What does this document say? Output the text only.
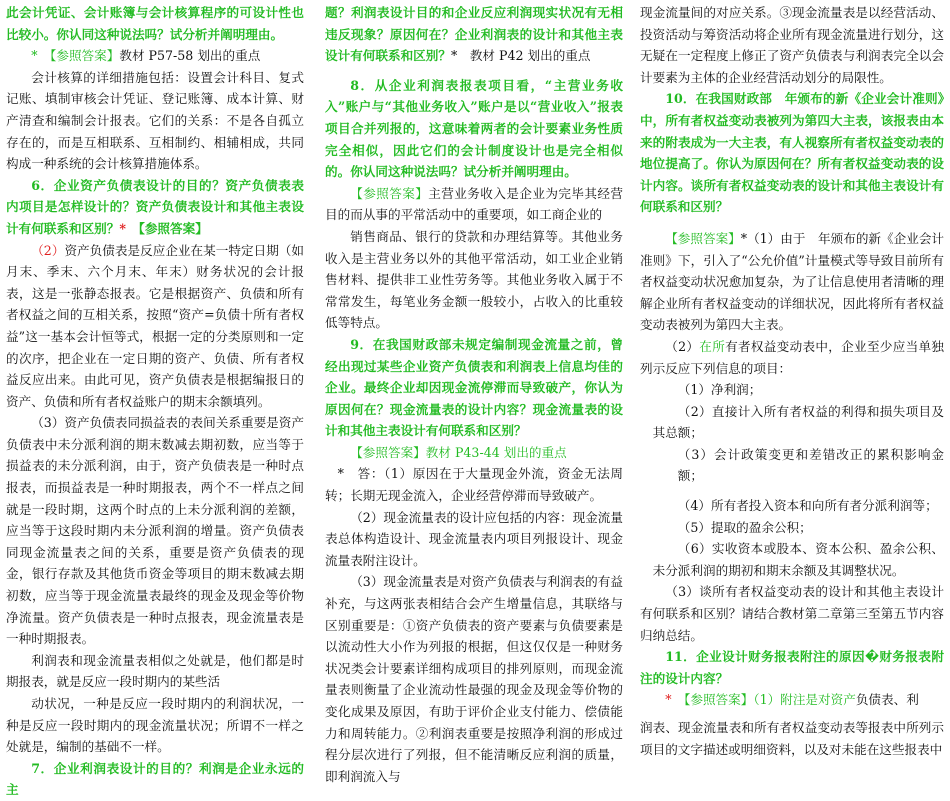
此会计凭证、会计账簿与会计核算程序的可设计性也比较小。你认同这种说法吗？试分析并阐明理由。

*　 【参照答案】教材 P57-58 划出的重点

会计核算的详细措施包括：设置会计科目、复式记账、填制审核会计凭证、登记账簿、成本计算、财产清查和编制会计报表。它们的关系：不是各自孤立存在的，而是互相联系、互相制约、相辅相成，共同构成一种系统的会计核算措施体系。

6．企业资产负债表设计的目的？资产负债表表内项目是怎样设计的？资产负债表设计和其他主表设计有何联系和区别？*　 【参照答案】

（2）资产负债表是反应企业在某一特定日期（如月末、季末、六个月末、年末）财务状况的会计报表，这是一张静态报表。它是根据资产、负债和所有者权益之间的互相关系，按照“资产=负债十所有者权益”这一基本会计恒等式，根据一定的分类原则和一定的次序，把企业在一定日期的资产、负债、所有者权益反应出来。由此可见，资产负债表是根据编报日的资产、负债和所有者权益账户的期末余额填列。

（3）资产负债表同损益表的表间关系重要是资产负债表中未分派利润的期末数减去期初数，应当等于损益表的未分派利润，由于，资产负债表是一种时点报表，而损益表是一种时期报表，两个不一样点之间就是一段时期，这两个时点的上未分派利润的差额，应当等于这段时期内未分派利润的增量。资产负债表同现金流量表之间的关系，重要是资产负债表的现金，银行存款及其他货币资金等项目的期末数减去期初数，应当等于现金流量表最终的现金及现金等价物净流量。资产负债表是一种时点报表，现金流量表是一种时期报表。

利润表和现金流量表相似之处就是，他们都是时期报表，就是反应一段时期内的某些活

动状况，一种是反应一段时期内的利润状况，一种是反应一段时期内的现金流量状况；所谓不一样之处就是，编制的基础不一样。

7．企业利润表设计的目的？利润是企业永远的主

题？利润表设计目的和企业反应利润现实状况有无相违反现象？原因何在？企业利润表的设计和其他主表设计有何联系和区别？*　 教材 P42 划出的重点

8．从企业利润表报表项目看，“主营业务收入”账户与“其他业务收入”账户是以“营业收入”报表项目合并列报的，这意味着两者的会计要素业务性质完全相似，因此它们的会计制度设计也是完全相似的。你认同这种说法吗？试分析并阐明理由。

【参照答案】主营业务收入是企业为完毕其经营目的而从事的平常活动中的重要项，如工商企业的

销售商品、银行的贷款和办理结算等。其他业务收入是主营业务以外的其他平常活动，如工业企业销售材料、提供非工业性劳务等。其他业务收入属于不常常发生，每笔业务金额一般较小，占收入的比重较低等特点。

9．在我国财政部未规定编制现金流量之前，曾经出现过某些企业资产负债表和利润表上信息均佳的企业。最终企业却因现金流停滞而导致破产，你认为原因何在？现金流量表的设计内容？现金流量表的设计和其他主表设计有何联系和区别？

【参照答案】教材 P43-44 划出的重点

*　 答：（1）原因在于大量现金外流，资金无法周转；长期无现金流入，企业经营停滞而导致破产。

（2）现金流量表的设计应包括的内容：现金流量表总体构造设计、现金流量表内项目列报设计、现金流量表附注设计。

（3）现金流量表是对资产负债表与利润表的有益补充，与这两张表相结合会产生增量信息，其联络与区别重要是：①资产负债表的资产要素与负债要素是以流动性大小作为列报的根据，但这仅仅是一种财务状况类会计要素详细构成项目的排列原则，而现金流量表则衡量了企业流动性最强的现金及现金等价物的变化成果及原因，有助于评价企业支付能力、偿债能力和周转能力。②利润表重要是按照净利润的形成过程分层次进行了列报，但不能清晰反应利润的质量，即利润流入与

现金流量间的对应关系。③现金流量表是以经营活动、投资活动与筹资活动将企业所有现金流量进行划分，这无疑在一定程度上修正了资产负债表与利润表完全以会计要素为主体的企业经营活动划分的局限性。

10．在我国财政部　年颁布的新《企业会计准则》中，所有者权益变动表被列为第四大主表，该报表由本来的附表成为一大主表，有人视察所有者权益变动表的地位提高了。你认为原因何在？所有者权益变动表的设计内容。谈所有者权益变动表的设计和其他主表设计有何联系和区别？

【参照答案】*（1）由于　年颁布的新《企业会计准则》下，引入了“公允价值”计量模式等导致目前所有者权益变动状况愈加复杂，为了让信息使用者清晰的理解企业所有者权益变动的详细状况，因此将所有者权益变动表被列为第四大主表。

（2）在所有者权益变动表中，企业至少应当单独列示反应下列信息的项目：

（1）净利润；

（2）直接计入所有者权益的利得和损失项目及其总额；

（3）会计政策变更和差错改正的累积影响金额；

（4）所有者投入资本和向所有者分派利润等；

（5）提取的盈余公积；

（6）实收资本或股本、资本公积、盈余公积、未分派利润的期初和期末余额及其调整状况。

（3）谈所有者权益变动表的设计和其他主表设计有何联系和区别？请结合教材第二章第三至第五节内容归纳总结。

11．企业设计财务报表附注的原因�财务报表附注的设计内容？

*　 【参照答案】（1）附注是对资产负债表、利

润表、现金流量表和所有者权益变动表等报表中所列示项目的文字描述或明细资料，以及对未能在这些报表中
